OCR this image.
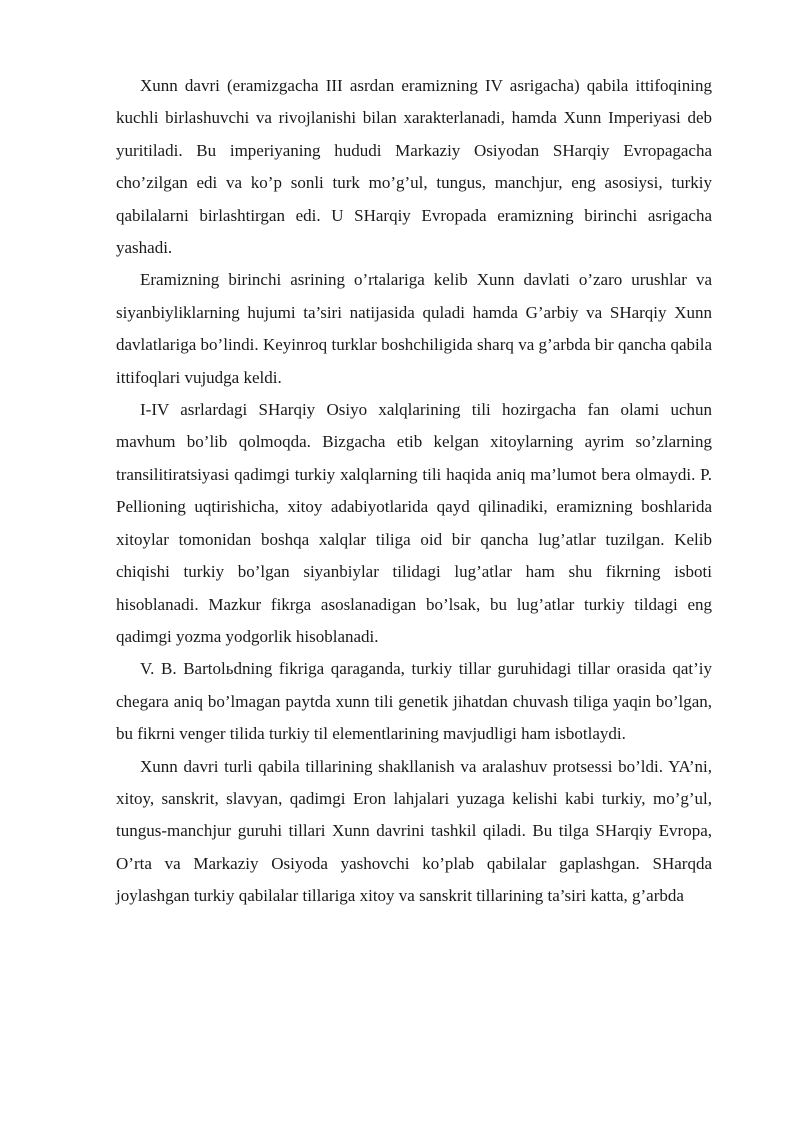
Xunn davri (eramizgacha III asrdan eramizning IV asrigacha) qabila ittifoqining kuchli birlashuvchi va rivojlanishi bilan xarakterlanadi, hamda Xunn Imperiyasi deb yuritiladi. Bu imperiyaning hududi Markaziy Osiyodan SHarqiy Evropagacha cho’zilgan edi va ko’p sonli turk mo’g’ul, tungus, manchjur, eng asosiysi, turkiy qabilalarni birlashtirgan edi. U SHarqiy Evropada eramizning birinchi asrigacha yashadi.

Eramizning birinchi asrining o’rtalariga kelib Xunn davlati o’zaro urushlar va siyanbiyliklarning hujumi ta’siri natijasida quladi hamda G’arbiy va SHarqiy Xunn davlatlariga bo’lindi. Keyinroq turklar boshchiligida sharq va g’arbda bir qancha qabila ittifoqlari vujudga keldi.

I-IV asrlardagi SHarqiy Osiyo xalqlarining tili hozirgacha fan olami uchun mavhum bo’lib qolmoqda. Bizgacha etib kelgan xitoylarning ayrim so’zlarning transilitiratsiyasi qadimgi turkiy xalqlarning tili haqida aniq ma’lumot bera olmaydi. P. Pellioning uqtirishicha, xitoy adabiyotlarida qayd qilinadiki, eramizning boshlarida xitoylar tomonidan boshqa xalqlar tiliga oid bir qancha lug’atlar tuzilgan. Kelib chiqishi turkiy bo’lgan siyanbiylar tilidagi lug’atlar ham shu fikrning isboti hisoblanadi. Mazkur fikrga asoslanadigan bo’lsak, bu lug’atlar turkiy tildagi eng qadimgi yozma yodgorlik hisoblanadi.

V. B. Bartolьdning fikriga qaraganda, turkiy tillar guruhidagi tillar orasida qat’iy chegara aniq bo’lmagan paytda xunn tili genetik jihatdan chuvash tiliga yaqin bo’lgan, bu fikrni venger tilida turkiy til elementlarining mavjudligi ham isbotlaydi.

Xunn davri turli qabila tillarining shakllanish va aralashuv protsessi bo’ldi. YA’ni, xitoy, sanskrit, slavyan, qadimgi Eron lahjalari yuzaga kelishi kabi turkiy, mo’g’ul, tungus-manchjur guruhi tillari Xunn davrini tashkil qiladi. Bu tilga SHarqiy Evropa, O’rta va Markaziy Osiyoda yashovchi ko’plab qabilalar gaplashgan. SHarqda joylashgan turkiy qabilalar tillariga xitoy va sanskrit tillarining ta’siri katta, g’arbda
